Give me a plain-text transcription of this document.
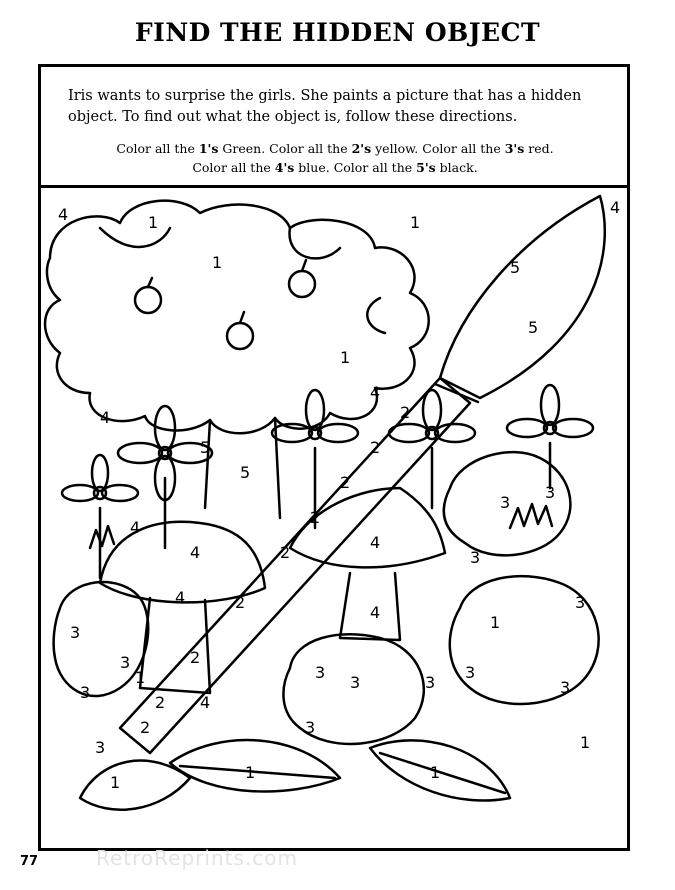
FIND THE HIDDEN OBJECT

Iris wants to surprise the girls. She paints a picture that has a hidden

object. To find out what the object is, follow these directions.

Color all the 1's Green. Color all the 2's yellow. Color all the 3's red.
Color all the 4's blue. Color all the 5's black.
1
1
1
1
1
1	1
1
1
1
2
2
2
2
2
2
2
2
2
3
3
3
3
3
3	3
3
3
3
3
3
3
3
4	4
4
4
4
4
4
4
4
4
5
5
5
5
77	RetroReprints.com
